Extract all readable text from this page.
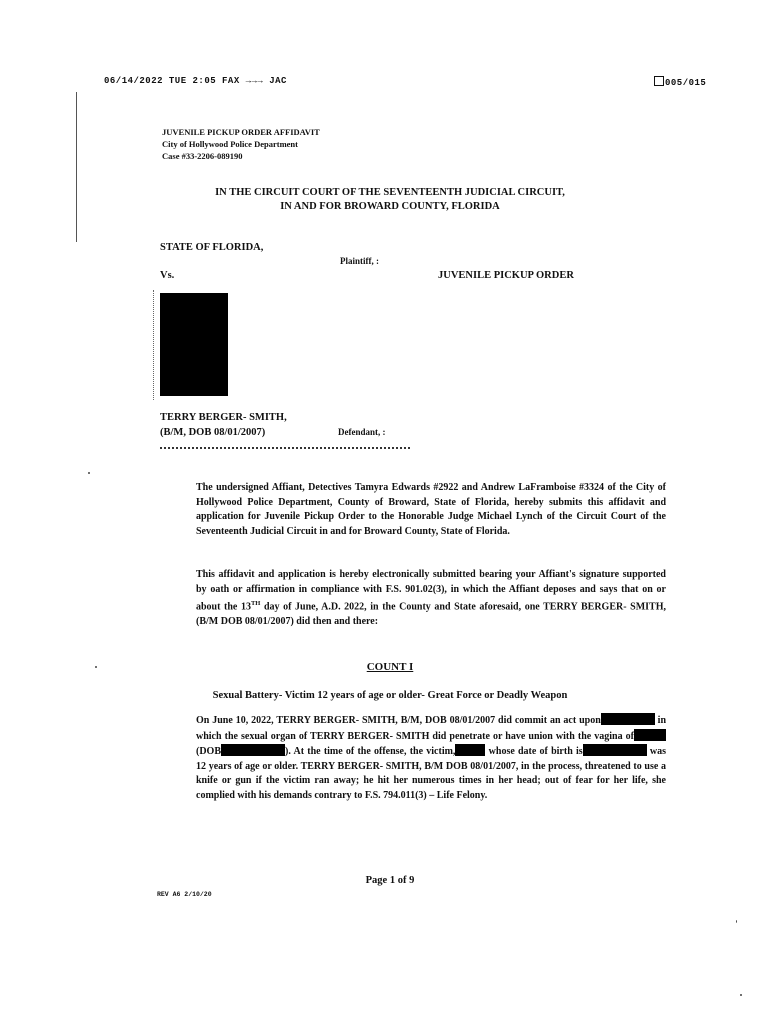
06/14/2022 TUE 2:05 FAX →→→ JAC	005/015
JUVENILE PICKUP ORDER AFFIDAVIT
City of Hollywood Police Department
Case #33-2206-089190
IN THE CIRCUIT COURT OF THE SEVENTEENTH JUDICIAL CIRCUIT,
IN AND FOR BROWARD COUNTY, FLORIDA
STATE OF FLORIDA,
Plaintiff, :
Vs.	JUVENILE PICKUP ORDER
TERRY BERGER- SMITH,
(B/M, DOB 08/01/2007)	Defendant, :
The undersigned Affiant, Detectives Tamyra Edwards #2922 and Andrew LaFramboise #3324 of the City of Hollywood Police Department, County of Broward, State of Florida, hereby submits this affidavit and application for Juvenile Pickup Order to the Honorable Judge Michael Lynch of the Circuit Court of the Seventeenth Judicial Circuit in and for Broward County, State of Florida.
This affidavit and application is hereby electronically submitted bearing your Affiant's signature supported by oath or affirmation in compliance with F.S. 901.02(3), in which the Affiant deposes and says that on or about the 13TH day of June, A.D. 2022, in the County and State aforesaid, one TERRY BERGER- SMITH, (B/M DOB 08/01/2007) did then and there:
COUNT I
Sexual Battery- Victim 12 years of age or older- Great Force or Deadly Weapon
On June 10, 2022, TERRY BERGER- SMITH, B/M, DOB 08/01/2007 did commit an act upon	in which the sexual organ of TERRY BERGER- SMITH did penetrate or have union with the vagina of (DOB	). At the time of the offense, the victim,	whose date of birth is	was 12 years of age or older. TERRY BERGER- SMITH, B/M DOB 08/01/2007, in the process, threatened to use a knife or gun if the victim ran away; he hit her numerous times in her head; out of fear for her life, she complied with his demands contrary to F.S. 794.011(3) – Life Felony.
Page 1 of 9
REV A6 2/10/20
